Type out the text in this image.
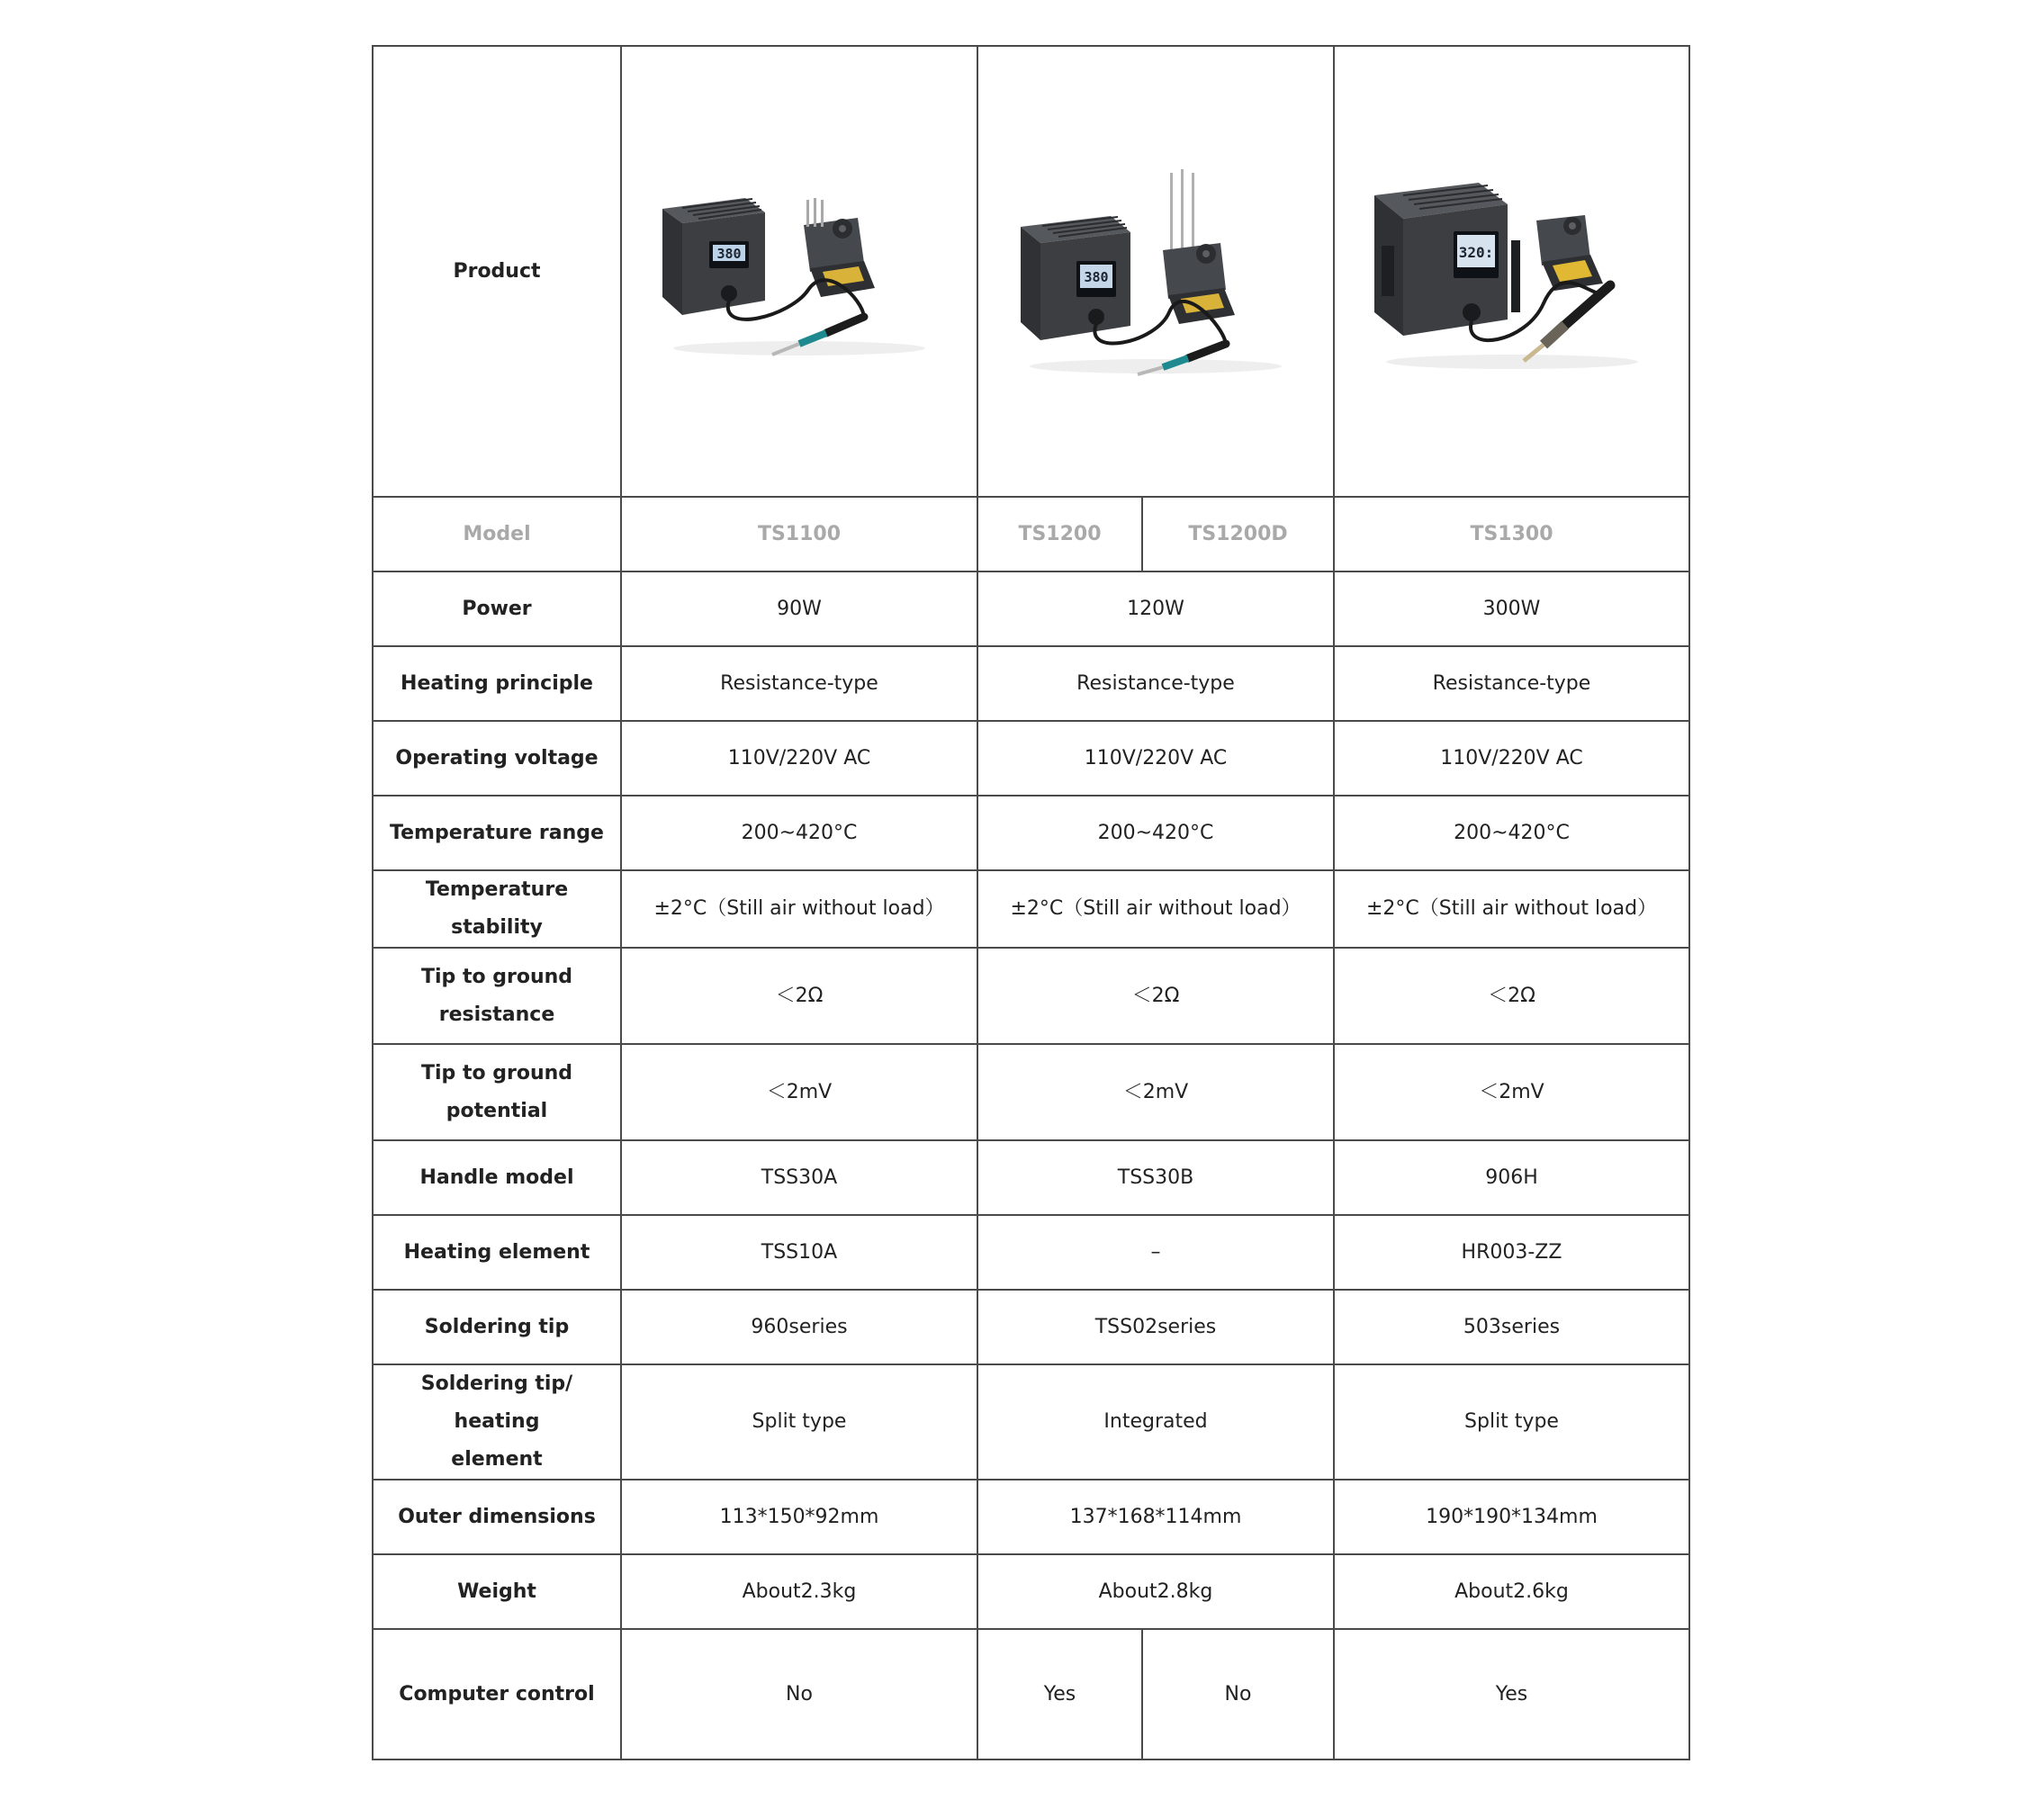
Product	380	380		320:

Model	TS1100	TS1200	TS1200D	TS1300
Power	90W	120W		300W
Heating principle	Resistance-type	Resistance-type		Resistance-type
Operating voltage	110V/220V AC	110V/220V AC		110V/220V AC
Temperature range	200~420°C	200~420°C		200~420°C
Temperature stability	±2°C（Still air without load）	±2°C（Still air without load）		±2°C（Still air without load）

Tip to ground
resistance	＜2Ω	＜2Ω		＜2Ω

Tip to ground
potential	＜2mV	＜2mV		＜2mV
Handle model	TSS30A	TSS30B		906H
Heating element	TSS10A	–		HR003-ZZ
Soldering tip	960series	TSS02series		503series

Soldering tip/ heating
element	Split type	Integrated		Split type
Outer dimensions	113*150*92mm	137*168*114mm		190*190*134mm
Weight	About2.3kg	About2.8kg		About2.6kg
Computer control	No	Yes	No	Yes
